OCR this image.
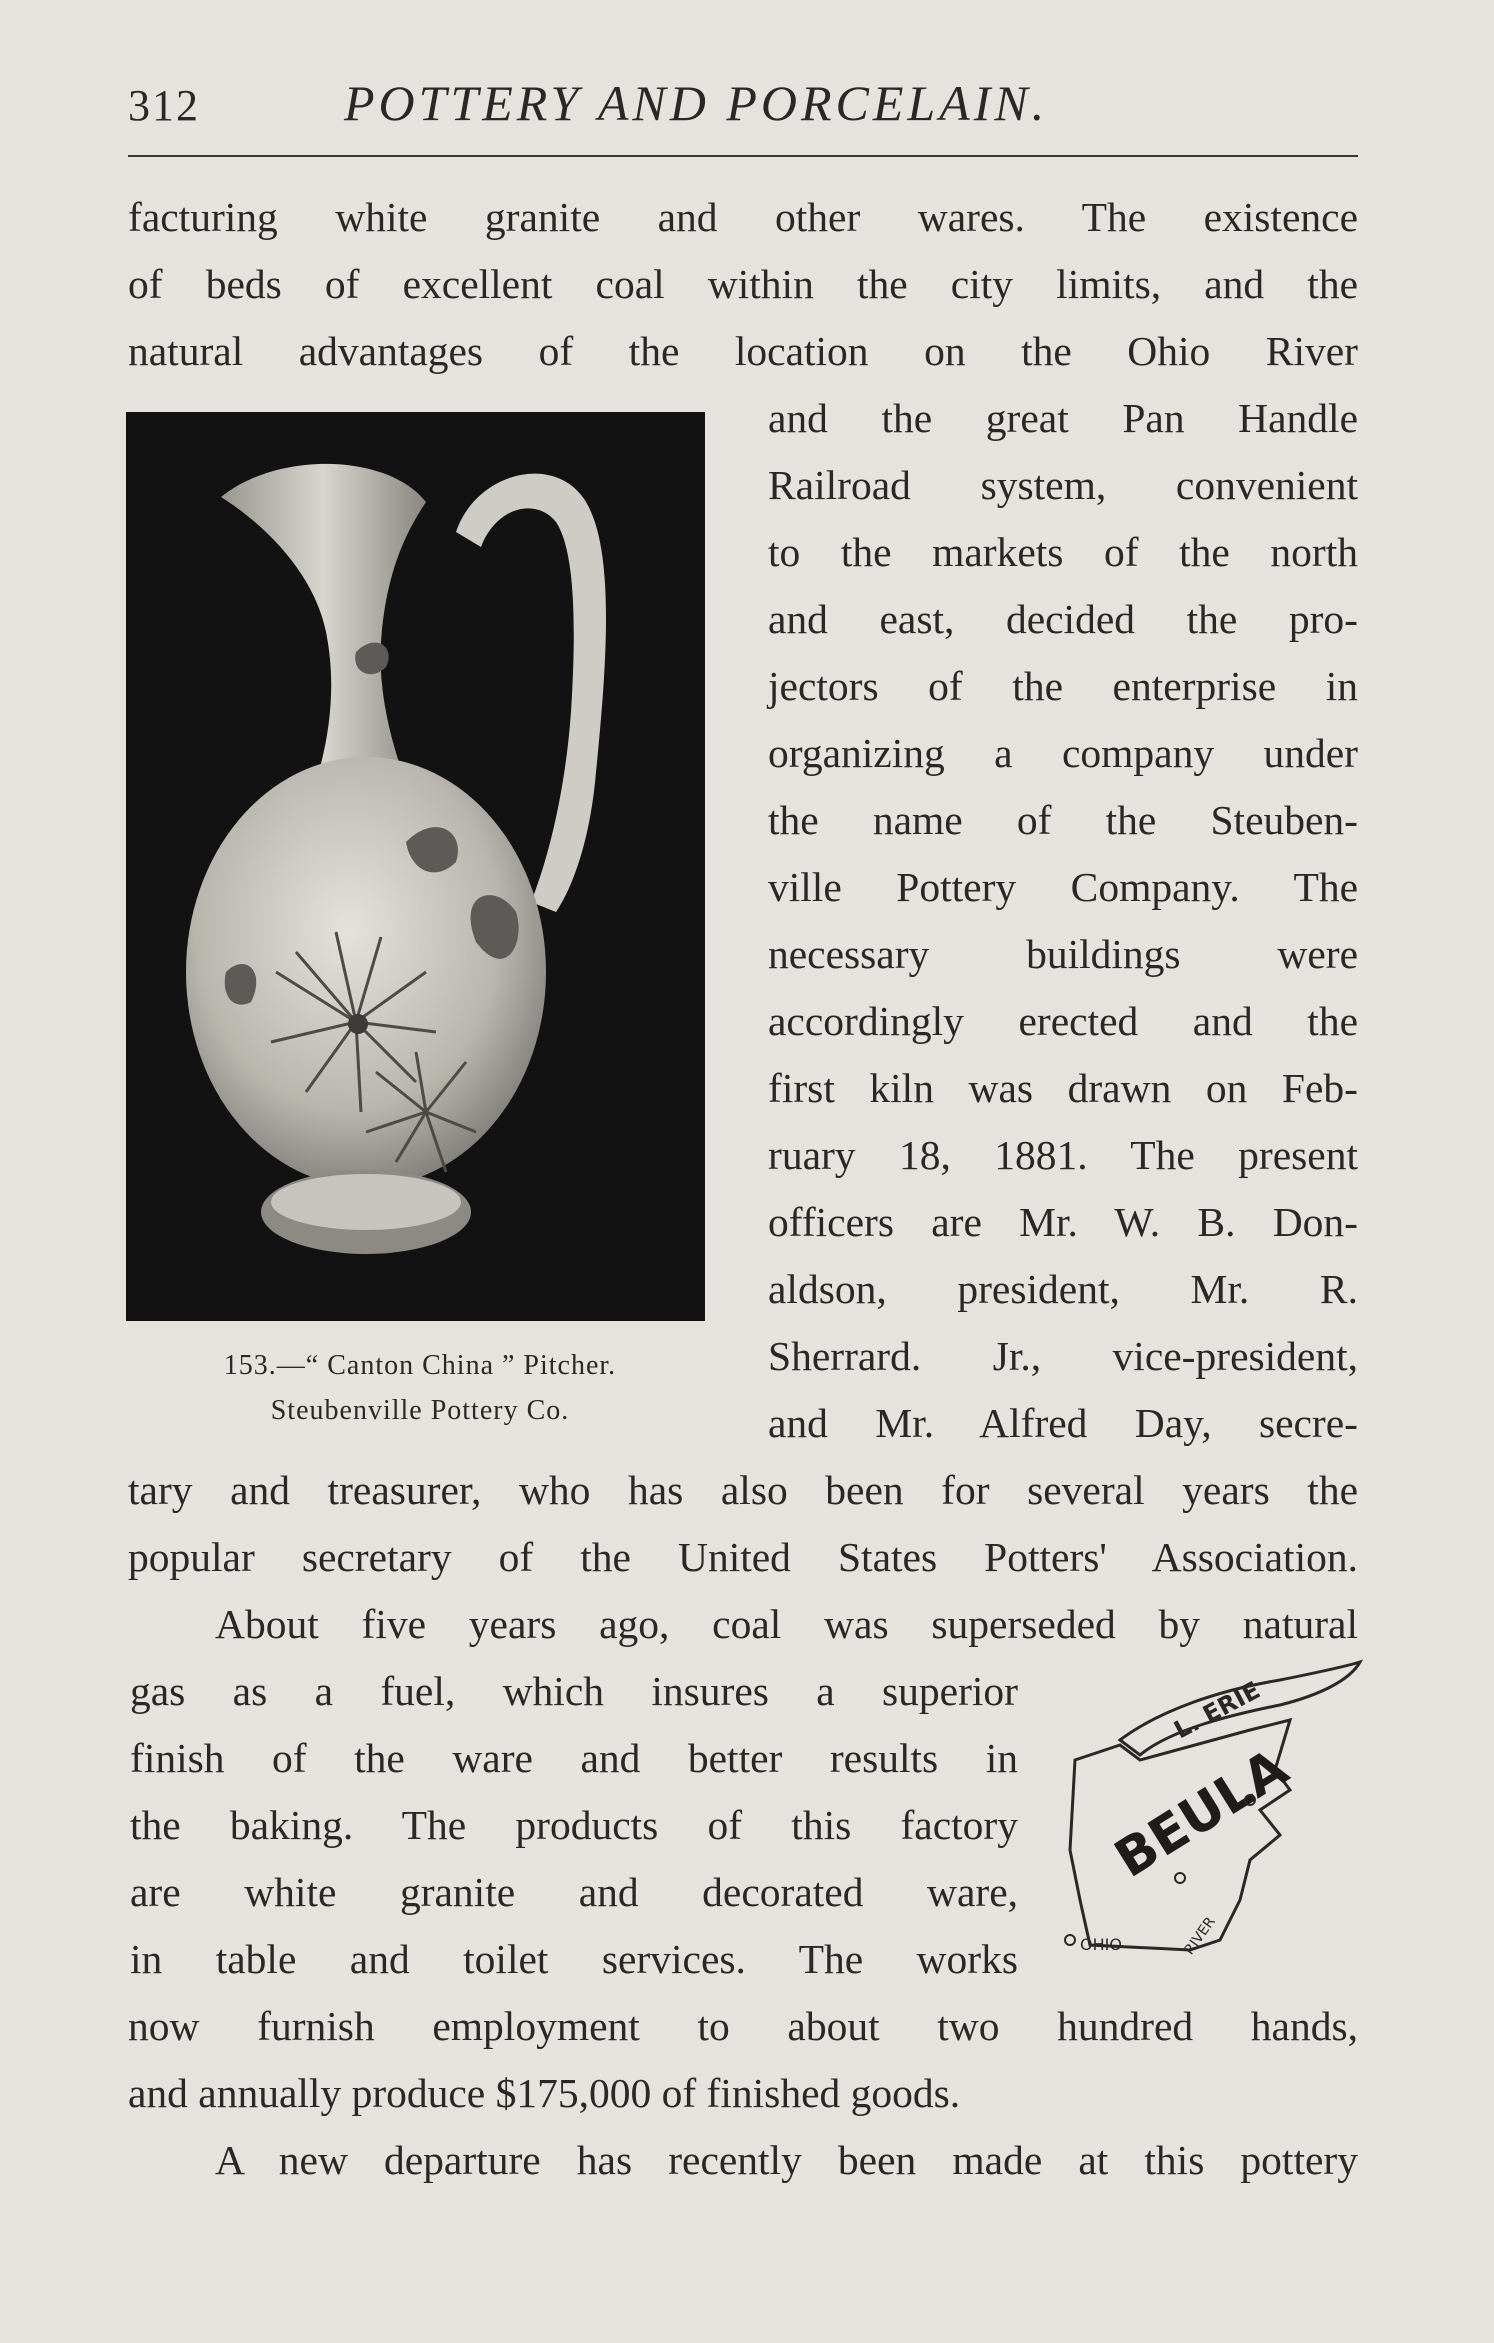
312	POTTERY AND PORCELAIN.
facturing white granite and other wares. The existence
of beds of excellent coal within the city limits, and the
natural advantages of the location on the Ohio River
and the great Pan Handle
Railroad system, convenient
to the markets of the north
and east, decided the pro-
jectors of the enterprise in
organizing a company under
the name of the Steuben-
ville Pottery Company. The
necessary buildings were
accordingly erected and the
first kiln was drawn on Feb-
ruary 18, 1881. The present
officers are Mr. W. B. Don-
aldson, president, Mr. R.
Sherrard. Jr., vice-president,
and Mr. Alfred Day, secre-
153.—“ Canton China ” Pitcher.
Steubenville Pottery Co.
tary and treasurer, who has also been for several years the
popular secretary of the United States Potters' Association.
About five years ago, coal was superseded by natural
gas as a fuel, which insures a superior
finish of the ware and better results in
the baking. The products of this factory
are white granite and decorated ware,
in table and toilet services. The works
L. ERIE
BEULA
OHIO	RIVER
now furnish employment to about two hundred hands,
and annually produce $175,000 of finished goods.
A new departure has recently been made at this pottery
